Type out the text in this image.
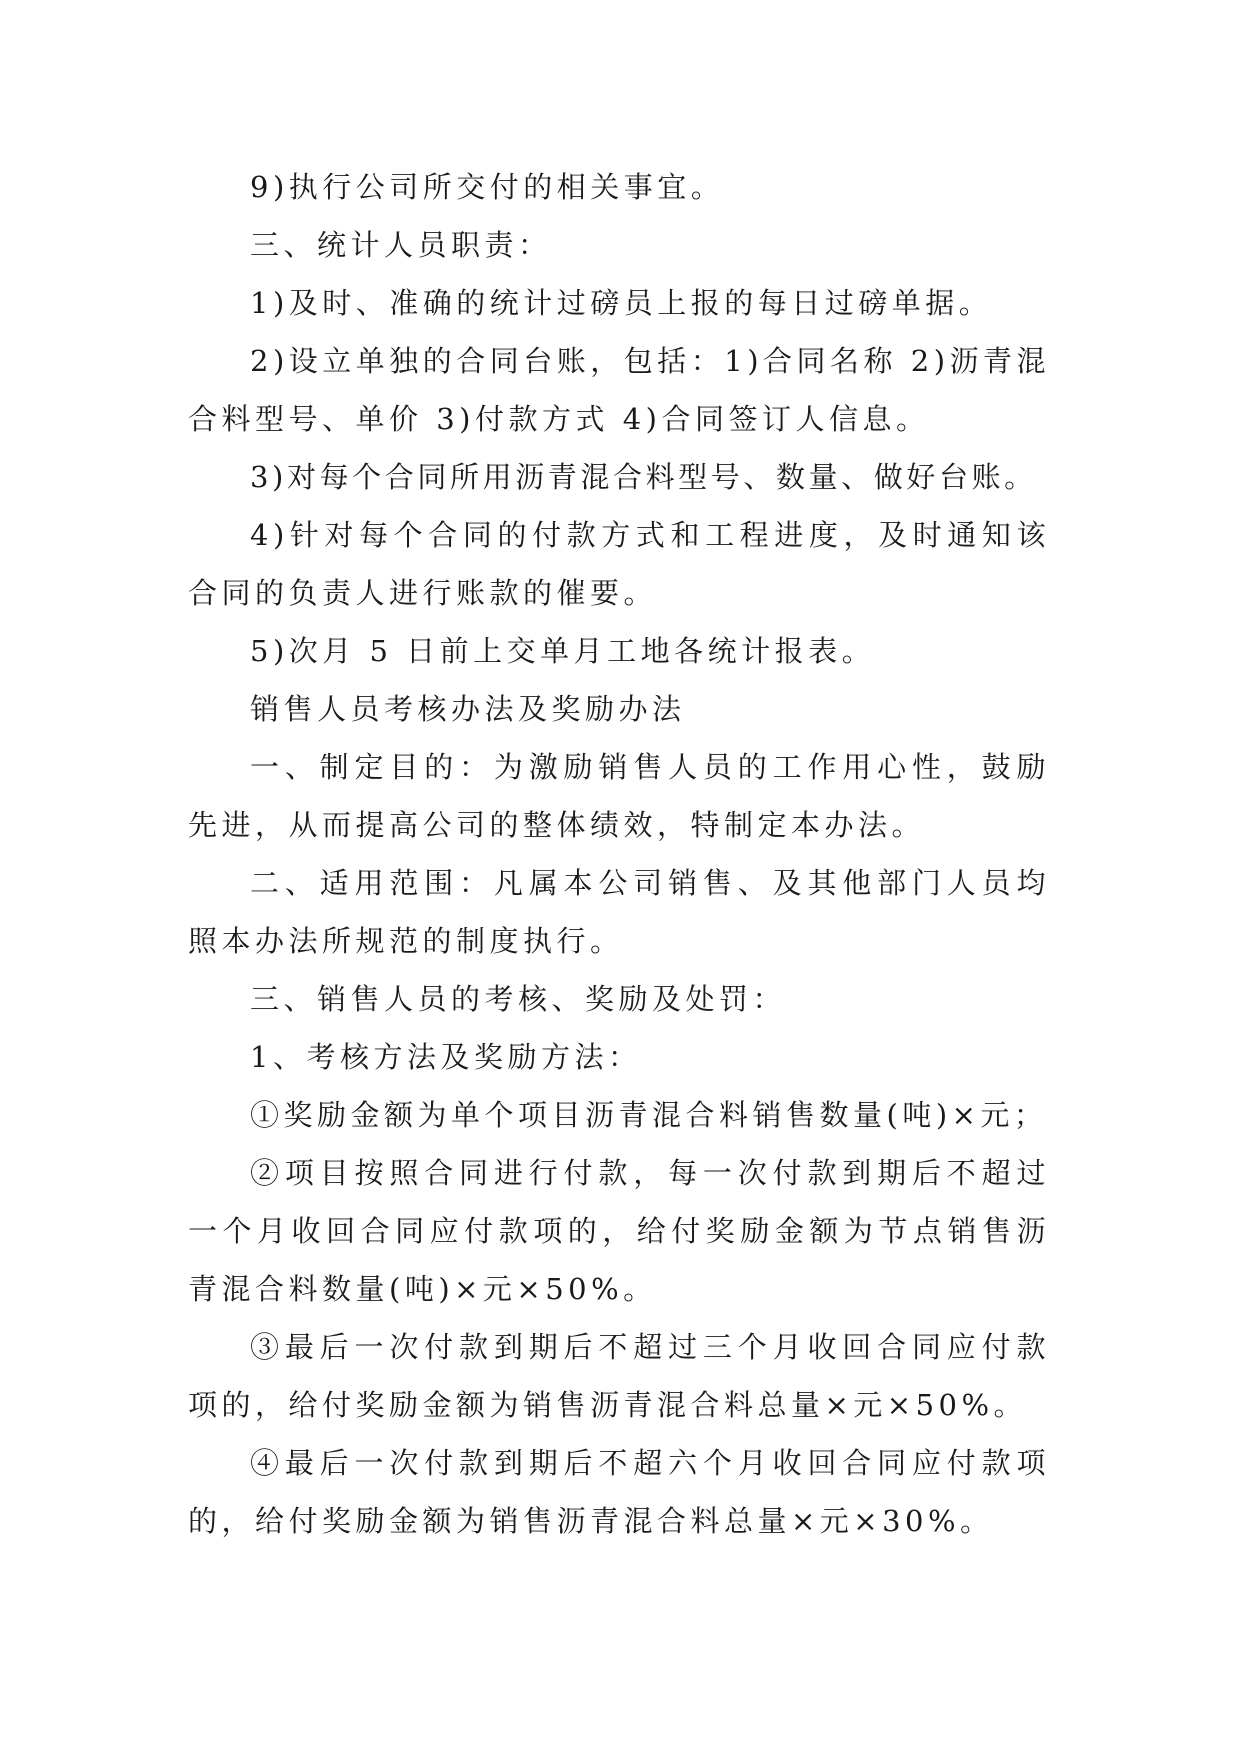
9)执行公司所交付的相关事宜。

三、统计人员职责：

1)及时、准确的统计过磅员上报的每日过磅单据。

2)设立单独的合同台账，包括：1)合同名称 2)沥青混合料型号、单价 3)付款方式 4)合同签订人信息。

3)对每个合同所用沥青混合料型号、数量、做好台账。

4)针对每个合同的付款方式和工程进度，及时通知该合同的负责人进行账款的催要。

5)次月 5 日前上交单月工地各统计报表。

销售人员考核办法及奖励办法

一、制定目的：为激励销售人员的工作用心性，鼓励先进，从而提高公司的整体绩效，特制定本办法。

二、适用范围：凡属本公司销售、及其他部门人员均照本办法所规范的制度执行。

三、销售人员的考核、奖励及处罚：

1、考核方法及奖励方法：

①奖励金额为单个项目沥青混合料销售数量(吨)×元；

②项目按照合同进行付款，每一次付款到期后不超过一个月收回合同应付款项的，给付奖励金额为节点销售沥青混合料数量(吨)×元×50%。

③最后一次付款到期后不超过三个月收回合同应付款项的，给付奖励金额为销售沥青混合料总量×元×50%。

④最后一次付款到期后不超六个月收回合同应付款项的，给付奖励金额为销售沥青混合料总量×元×30%。
